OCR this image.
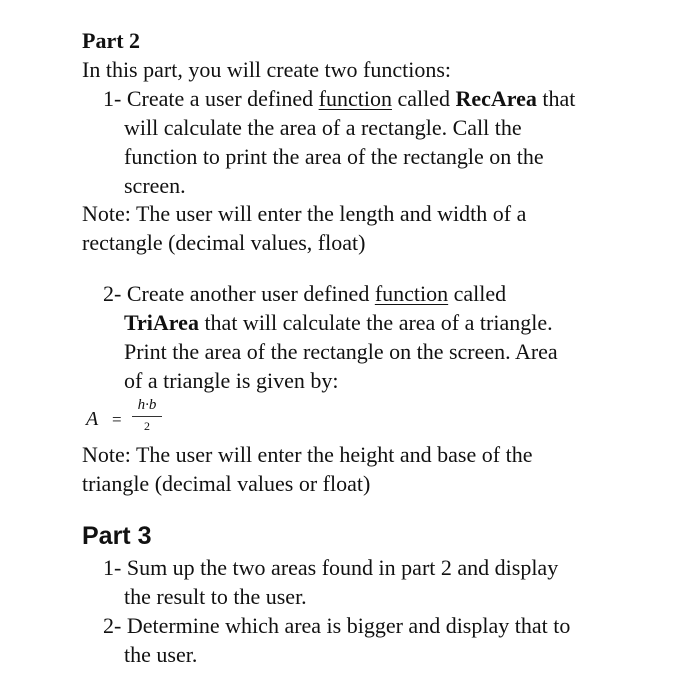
Part 2
In this part, you will create two functions:
1- Create a user defined function called RecArea that
will calculate the area of a rectangle. Call the
function to print the area of the rectangle on the
screen.
Note: The user will enter the length and width of a
rectangle (decimal values, float)
2- Create another user defined function called
TriArea that will calculate the area of a triangle.
Print the area of the rectangle on the screen. Area
of a triangle is given by:
A =
h·b
2
Note: The user will enter the height and base of the
triangle (decimal values or float)
Part 3
1- Sum up the two areas found in part 2 and display
the result to the user.
2- Determine which area is bigger and display that to
the user.
